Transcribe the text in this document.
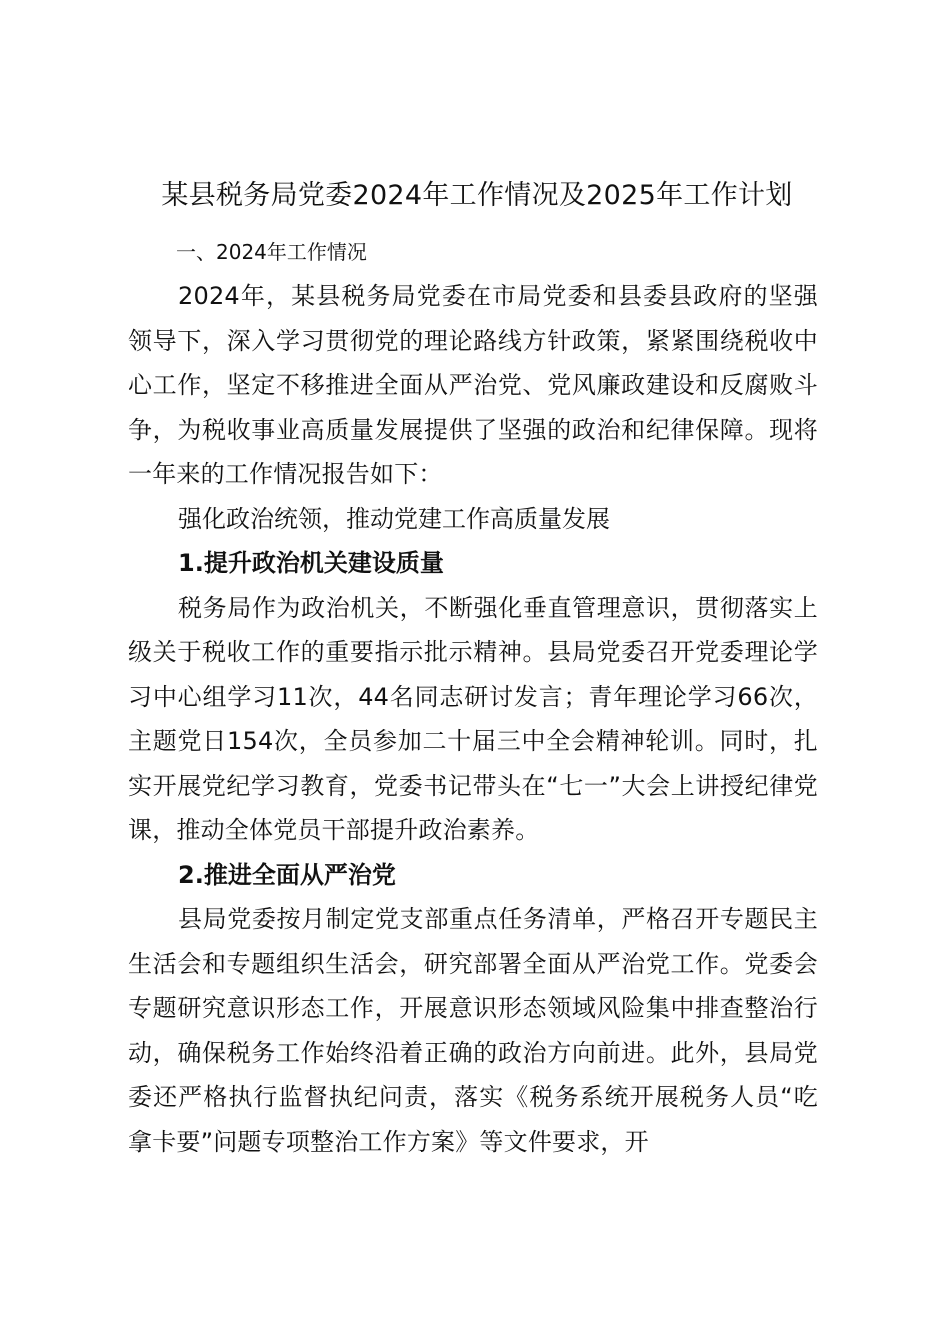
某县税务局党委2024年工作情况及2025年工作计划

一、2024年工作情况

2024年，某县税务局党委在市局党委和县委县政府的坚强领导下，深入学习贯彻党的理论路线方针政策，紧紧围绕税收中心工作，坚定不移推进全面从严治党、党风廉政建设和反腐败斗争，为税收事业高质量发展提供了坚强的政治和纪律保障。现将一年来的工作情况报告如下：

强化政治统领，推动党建工作高质量发展

1.提升政治机关建设质量

税务局作为政治机关，不断强化垂直管理意识，贯彻落实上级关于税收工作的重要指示批示精神。县局党委召开党委理论学习中心组学习11次，44名同志研讨发言；青年理论学习66次，主题党日154次，全员参加二十届三中全会精神轮训。同时，扎实开展党纪学习教育，党委书记带头在“七一”大会上讲授纪律党课，推动全体党员干部提升政治素养。

2.推进全面从严治党

县局党委按月制定党支部重点任务清单，严格召开专题民主生活会和专题组织生活会，研究部署全面从严治党工作。党委会专题研究意识形态工作，开展意识形态领域风险集中排查整治行动，确保税务工作始终沿着正确的政治方向前进。此外，县局党委还严格执行监督执纪问责，落实《税务系统开展税务人员“吃拿卡要”问题专项整治工作方案》等文件要求，开
